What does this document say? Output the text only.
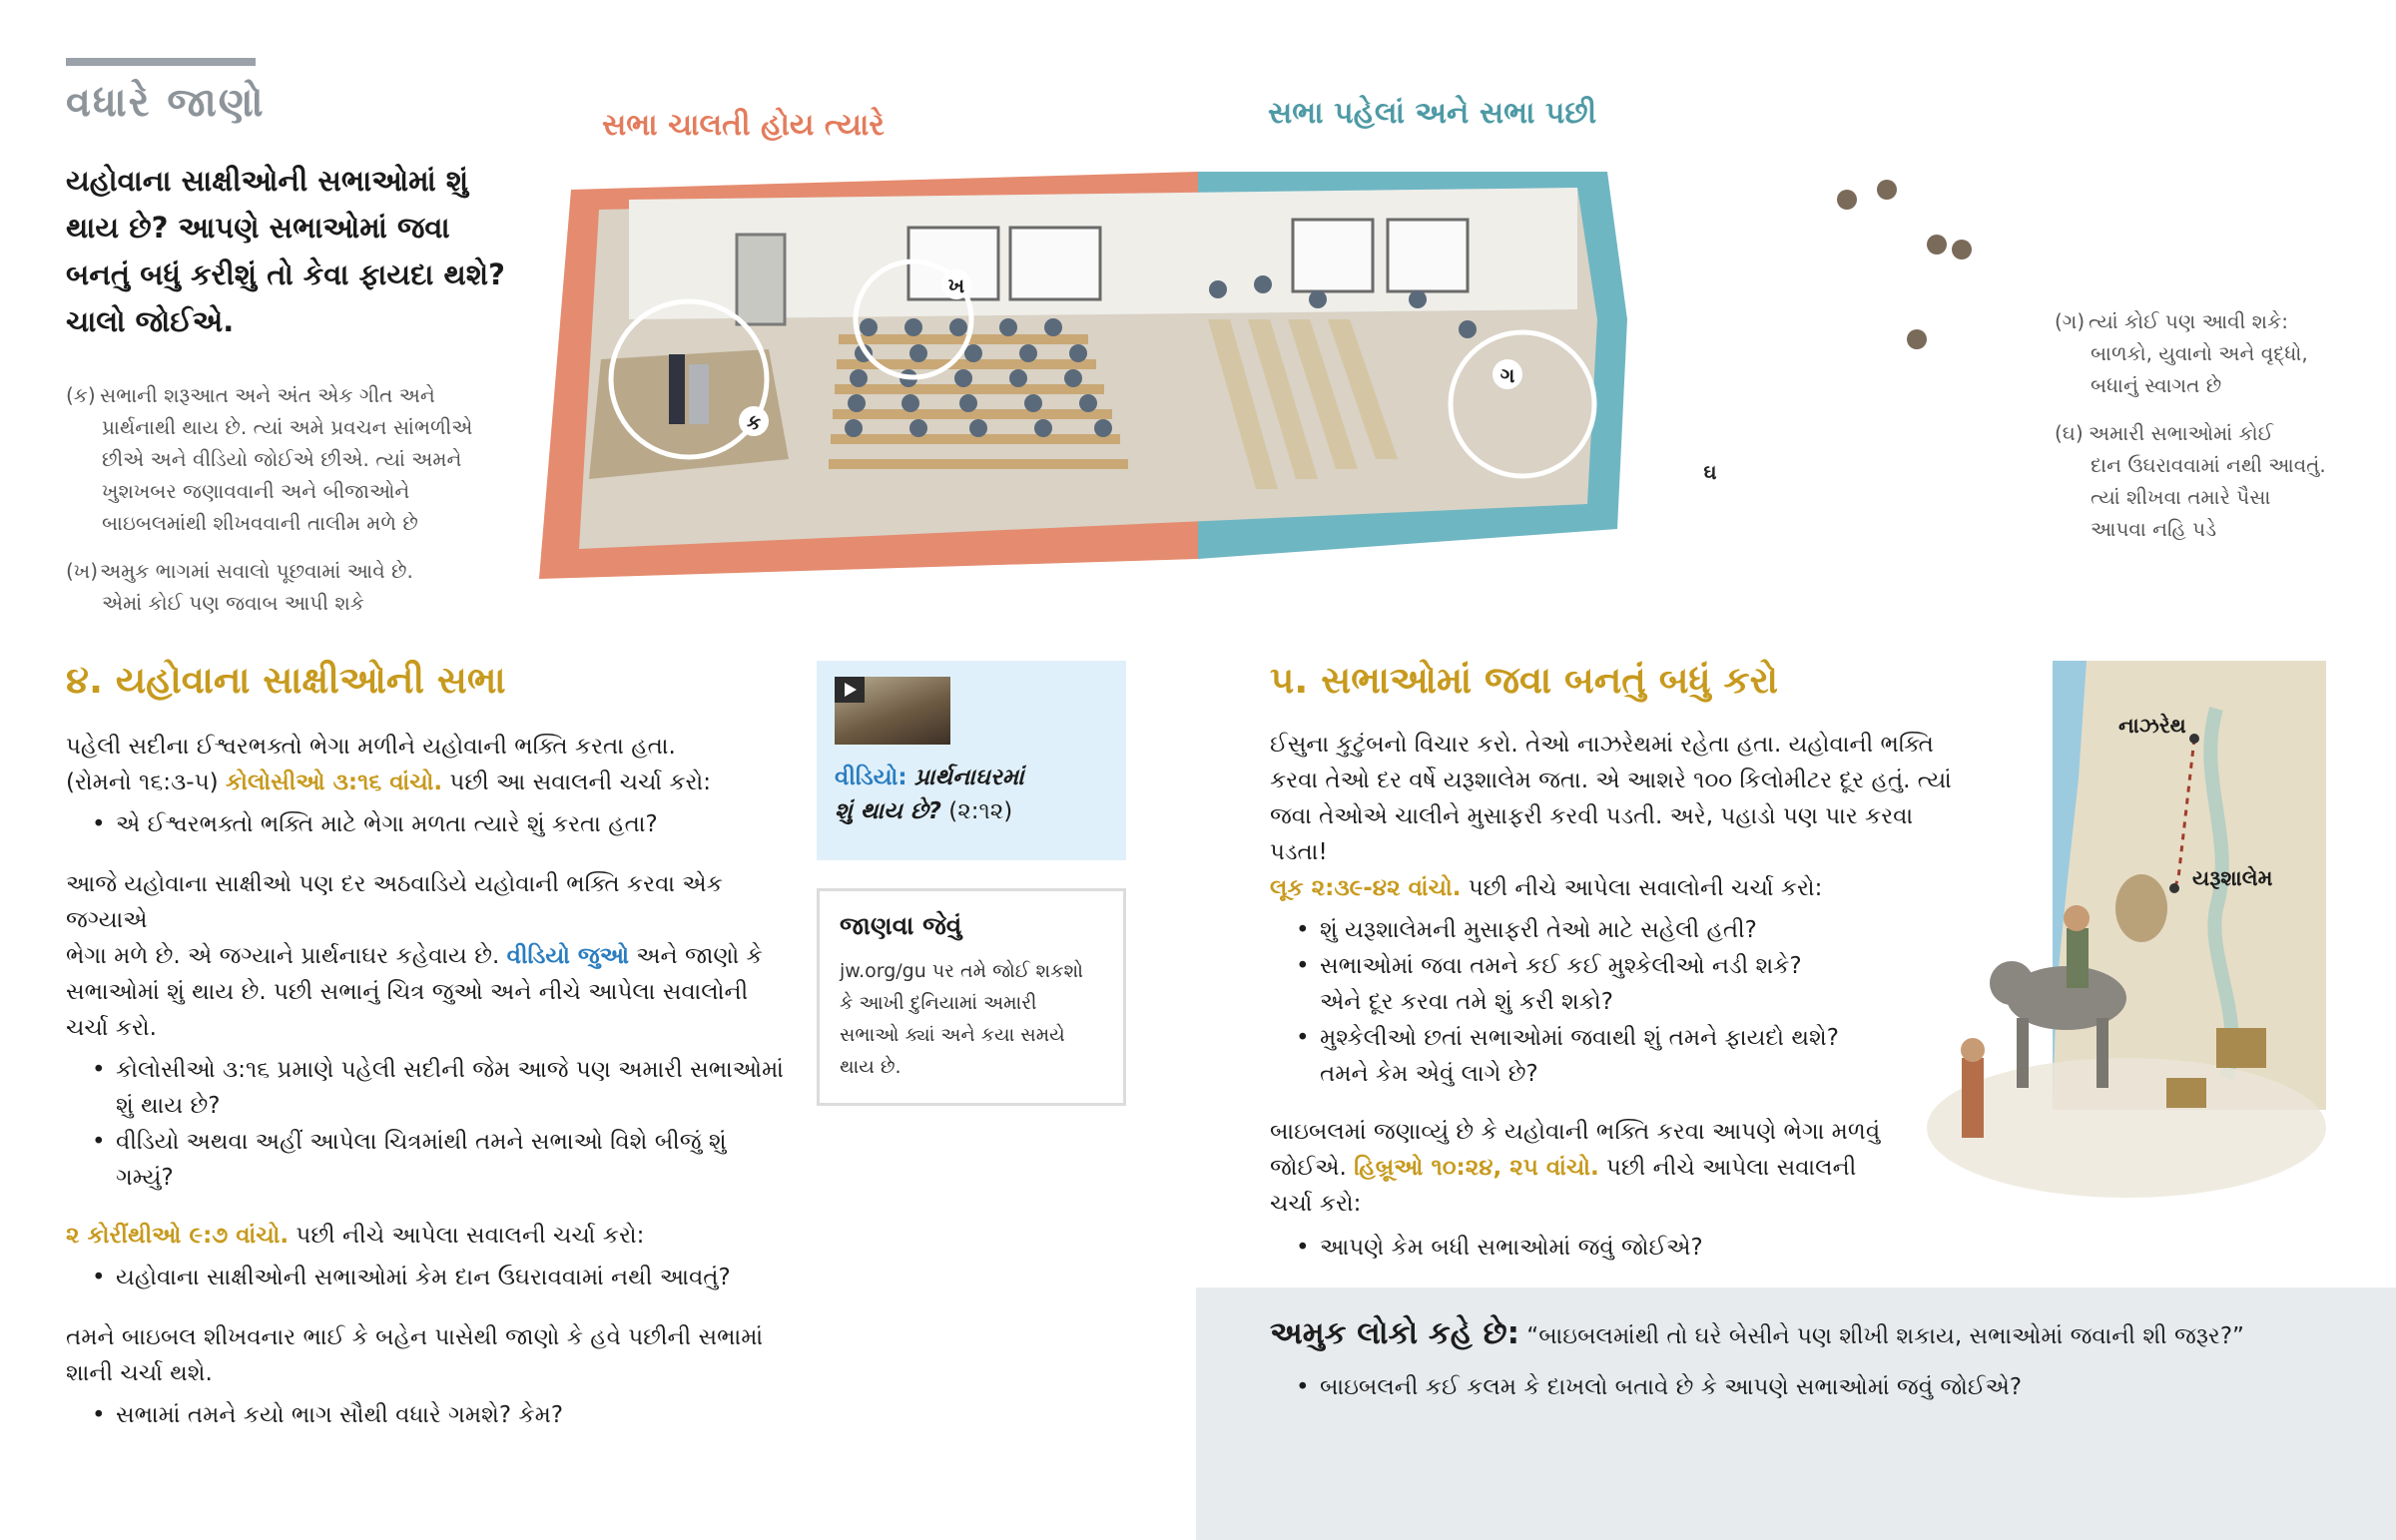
વધારે જાણો
યહોવાના સાક્ષીઓની સભાઓમાં શું થાય છે? આપણે સભાઓમાં જવા બનતું બધું કરીશું તો કેવા ફાયદા થશે? ચાલો જોઈએ.
(ક) સભાની શરૂઆત અને અંત એક ગીત અને
પ્રાર્થનાથી થાય છે. ત્યાં અમે પ્રવચન સાંભળીએ
છીએ અને વીડિયો જોઈએ છીએ. ત્યાં અમને
ખુશખબર જણાવવાની અને બીજાઓને
બાઇબલમાંથી શીખવવાની તાલીમ મળે છે
(ખ)અમુક ભાગમાં સવાલો પૂછવામાં આવે છે.
એમાં કોઈ પણ જવાબ આપી શકે
સભા ચાલતી હોય ત્યારે	સભા પહેલાં અને સભા પછી
ક
ખ
ગ
ઘ
(ગ) ત્યાં કોઈ પણ આવી શકે:
બાળકો, યુવાનો અને વૃદ્ધો,
બધાનું સ્વાગત છે
(ઘ) અમારી સભાઓમાં કોઈ
દાન ઉઘરાવવામાં નથી આવતું.
ત્યાં શીખવા તમારે પૈસા
આપવા નહિ પડે
૪. યહોવાના સાક્ષીઓની સભા
પહેલી સદીના ઈશ્વરભક્તો ભેગા મળીને યહોવાની ભક્તિ કરતા હતા.
(રોમનો ૧૬:૩-૫) કોલોસીઓ ૩:૧૬ વાંચો. પછી આ સવાલની ચર્ચા કરો:
• એ ઈશ્વરભક્તો ભક્તિ માટે ભેગા મળતા ત્યારે શું કરતા હતા?
આજે યહોવાના સાક્ષીઓ પણ દર અઠવાડિયે યહોવાની ભક્તિ કરવા એક જગ્યાએ
ભેગા મળે છે. એ જગ્યાને પ્રાર્થનાઘર કહેવાય છે. વીડિયો જુઓ અને જાણો કે
સભાઓમાં શું થાય છે. પછી સભાનું ચિત્ર જુઓ અને નીચે આપેલા સવાલોની
ચર્ચા કરો.
• કોલોસીઓ ૩:૧૬ પ્રમાણે પહેલી સદીની જેમ આજે પણ અમારી સભાઓમાં
શું થાય છે?
• વીડિયો અથવા અહીં આપેલા ચિત્રમાંથી તમને સભાઓ વિશે બીજું શું ગમ્યું?
૨ કોરીંથીઓ ૯:૭ વાંચો. પછી નીચે આપેલા સવાલની ચર્ચા કરો:
• યહોવાના સાક્ષીઓની સભાઓમાં કેમ દાન ઉઘરાવવામાં નથી આવતું?
તમને બાઇબલ શીખવનાર ભાઈ કે બહેન પાસેથી જાણો કે હવે પછીની સભામાં
શાની ચર્ચા થશે.
• સભામાં તમને કયો ભાગ સૌથી વધારે ગમશે? કેમ?
વીડિયો: પ્રાર્થનાઘરમાં
શું થાય છે? (૨:૧૨)
જાણવા જેવું
jw.org/gu પર તમે જોઈ શકશો
કે આખી દુનિયામાં અમારી
સભાઓ ક્યાં અને કયા સમયે
થાય છે.
૫. સભાઓમાં જવા બનતું બધું કરો
ઈસુના કુટુંબનો વિચાર કરો. તેઓ નાઝરેથમાં રહેતા હતા. યહોવાની ભક્તિ
કરવા તેઓ દર વર્ષે યરૂશાલેમ જતા. એ આશરે ૧૦૦ કિલોમીટર દૂર હતું. ત્યાં
જવા તેઓએ ચાલીને મુસાફરી કરવી પડતી. અરે, પહાડો પણ પાર કરવા પડતા!
લૂક ૨:૩૯-૪૨ વાંચો. પછી નીચે આપેલા સવાલોની ચર્ચા કરો:
• શું યરૂશાલેમની મુસાફરી તેઓ માટે સહેલી હતી?
• સભાઓમાં જવા તમને કઈ કઈ મુશ્કેલીઓ નડી શકે?
એને દૂર કરવા તમે શું કરી શકો?
• મુશ્કેલીઓ છતાં સભાઓમાં જવાથી શું તમને ફાયદો થશે?
તમને કેમ એવું લાગે છે?
બાઇબલમાં જણાવ્યું છે કે યહોવાની ભક્તિ કરવા આપણે ભેગા મળવું
જોઈએ. હિબ્રૂઓ ૧૦:૨૪, ૨૫ વાંચો. પછી નીચે આપેલા સવાલની
ચર્ચા કરો:
• આપણે કેમ બધી સભાઓમાં જવું જોઈએ?
નાઝરેથ
યરૂશાલેમ
અમુક લોકો કહે છે: “બાઇબલમાંથી તો ઘરે બેસીને પણ શીખી શકાય, સભાઓમાં જવાની શી જરૂર?”
• બાઇબલની કઈ કલમ કે દાખલો બતાવે છે કે આપણે સભાઓમાં જવું જોઈએ?
